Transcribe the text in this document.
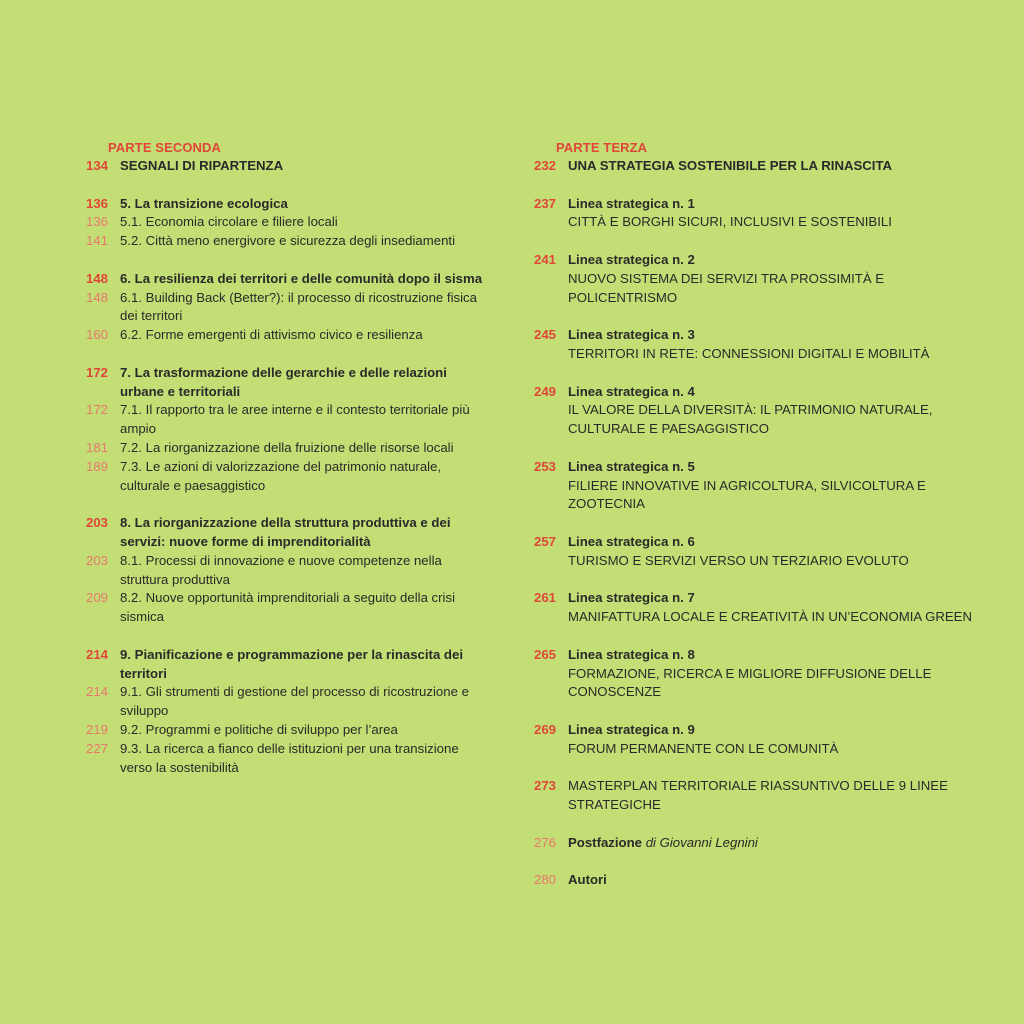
PARTE SECONDA
134 SEGNALI DI RIPARTENZA
136 5. La transizione ecologica
136 5.1. Economia circolare e filiere locali
141 5.2. Città meno energivore e sicurezza degli insediamenti
148 6. La resilienza dei territori e delle comunità dopo il sisma
148 6.1. Building Back (Better?): il processo di ricostruzione fisica dei territori
160 6.2. Forme emergenti di attivismo civico e resilienza
172 7. La trasformazione delle gerarchie e delle relazioni urbane e territoriali
172 7.1. Il rapporto tra le aree interne e il contesto territoriale più ampio
181 7.2. La riorganizzazione della fruizione delle risorse locali
189 7.3. Le azioni di valorizzazione del patrimonio naturale, culturale e paesaggistico
203 8. La riorganizzazione della struttura produttiva e dei servizi: nuove forme di imprenditorialità
203 8.1. Processi di innovazione e nuove competenze nella struttura produttiva
209 8.2. Nuove opportunità imprenditoriali a seguito della crisi sismica
214 9. Pianificazione e programmazione per la rinascita dei territori
214 9.1. Gli strumenti di gestione del processo di ricostruzione e sviluppo
219 9.2. Programmi e politiche di sviluppo per l’area
227 9.3. La ricerca a fianco delle istituzioni per una transizione verso la sostenibilità
PARTE TERZA
232 UNA STRATEGIA SOSTENIBILE PER LA RINASCITA
237 Linea strategica n. 1
CITTÀ E BORGHI SICURI, INCLUSIVI E SOSTENIBILI
241 Linea strategica n. 2
NUOVO SISTEMA DEI SERVIZI TRA PROSSIMITÀ E POLICENTRISMO
245 Linea strategica n. 3
TERRITORI IN RETE: CONNESSIONI DIGITALI E MOBILITÀ
249 Linea strategica n. 4
IL VALORE DELLA DIVERSITÀ: IL PATRIMONIO NATURALE, CULTURALE E PAESAGGISTICO
253 Linea strategica n. 5
FILIERE INNOVATIVE IN AGRICOLTURA, SILVICOLTURA E ZOOTECNIA
257 Linea strategica n. 6
TURISMO E SERVIZI VERSO UN TERZIARIO EVOLUTO
261 Linea strategica n. 7
MANIFATTURA LOCALE E CREATIVITÀ IN UN’ECONOMIA GREEN
265 Linea strategica n. 8
FORMAZIONE, RICERCA E MIGLIORE DIFFUSIONE DELLE CONOSCENZE
269 Linea strategica n. 9
FORUM PERMANENTE CON LE COMUNITÀ
273 MASTERPLAN TERRITORIALE RIASSUNTIVO DELLE 9 LINEE STRATEGICHE
276 Postfazione di Giovanni Legnini
280 Autori
